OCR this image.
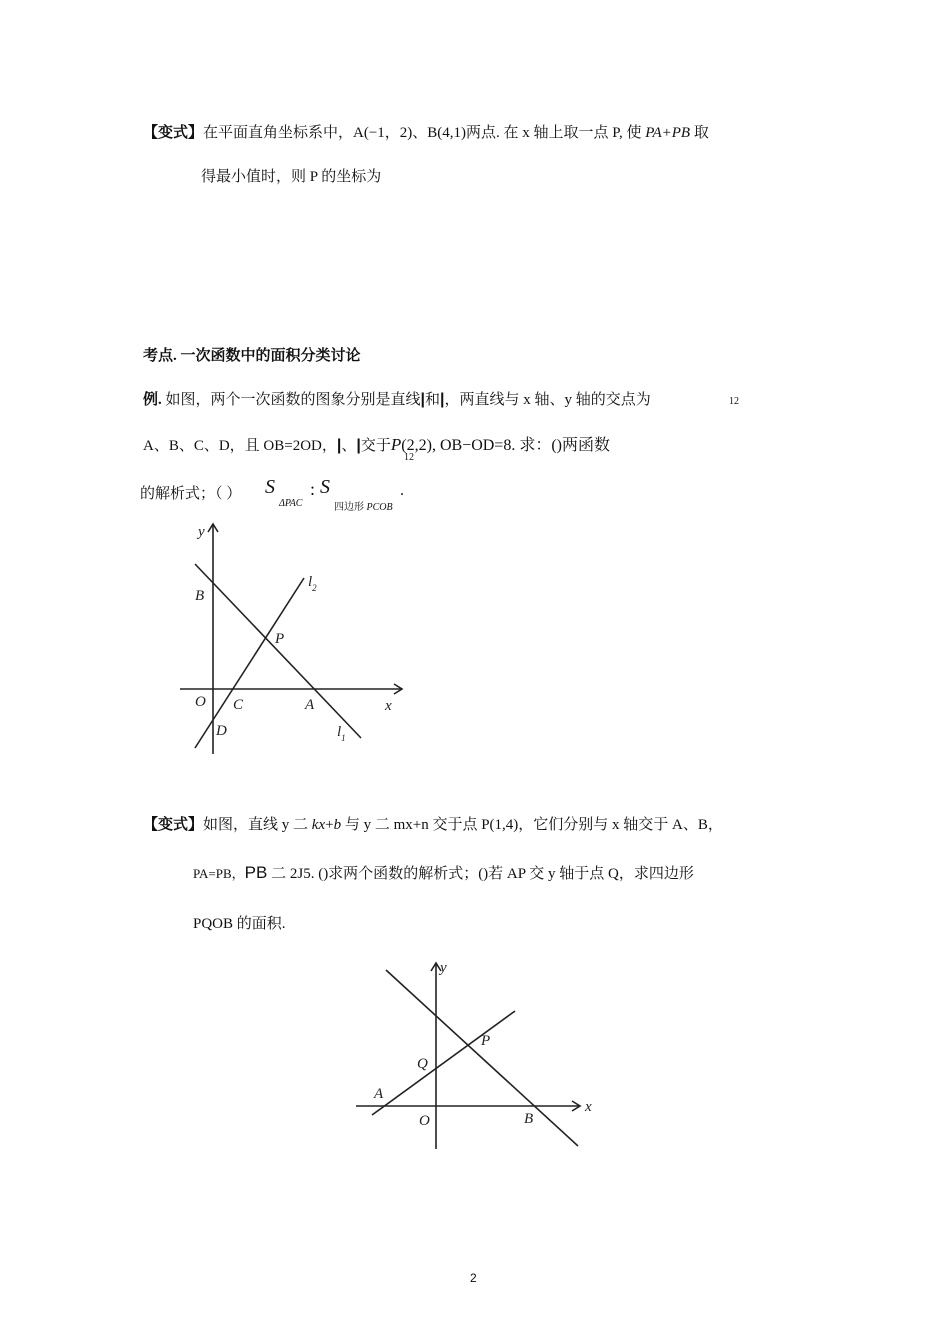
【变式】在平面直角坐标系中，A(−1，2)、B(4,1)两点. 在 x 轴上取一点 P, 使 PA+PB 取
得最小值时，则 P 的坐标为
考点. 一次函数中的面积分类讨论
例. 如图，两个一次函数的图象分别是直线|和|，两直线与 x 轴、y 轴的交点为	12
A、B、C、D，且 OB=2OD，|、|交于P(2,2), OB−OD=8. 求：()两函数
12
的解析式；（ ） S
ΔPAC
: S
四边形 PCOB
.
y
x
O
B
P
C	A
D	$l_1$
$l_2$
【变式】如图，直线 y 二 kx+b 与 y 二 mx+n 交于点 P(1,4)，它们分别与 x 轴交于 A、B，
PA=PB，PB 二 2J5. ()求两个函数的解析式；()若 AP 交 y 轴于点 Q，求四边形
PQOB 的面积.
y
x
O
P
Q
A
B
2
